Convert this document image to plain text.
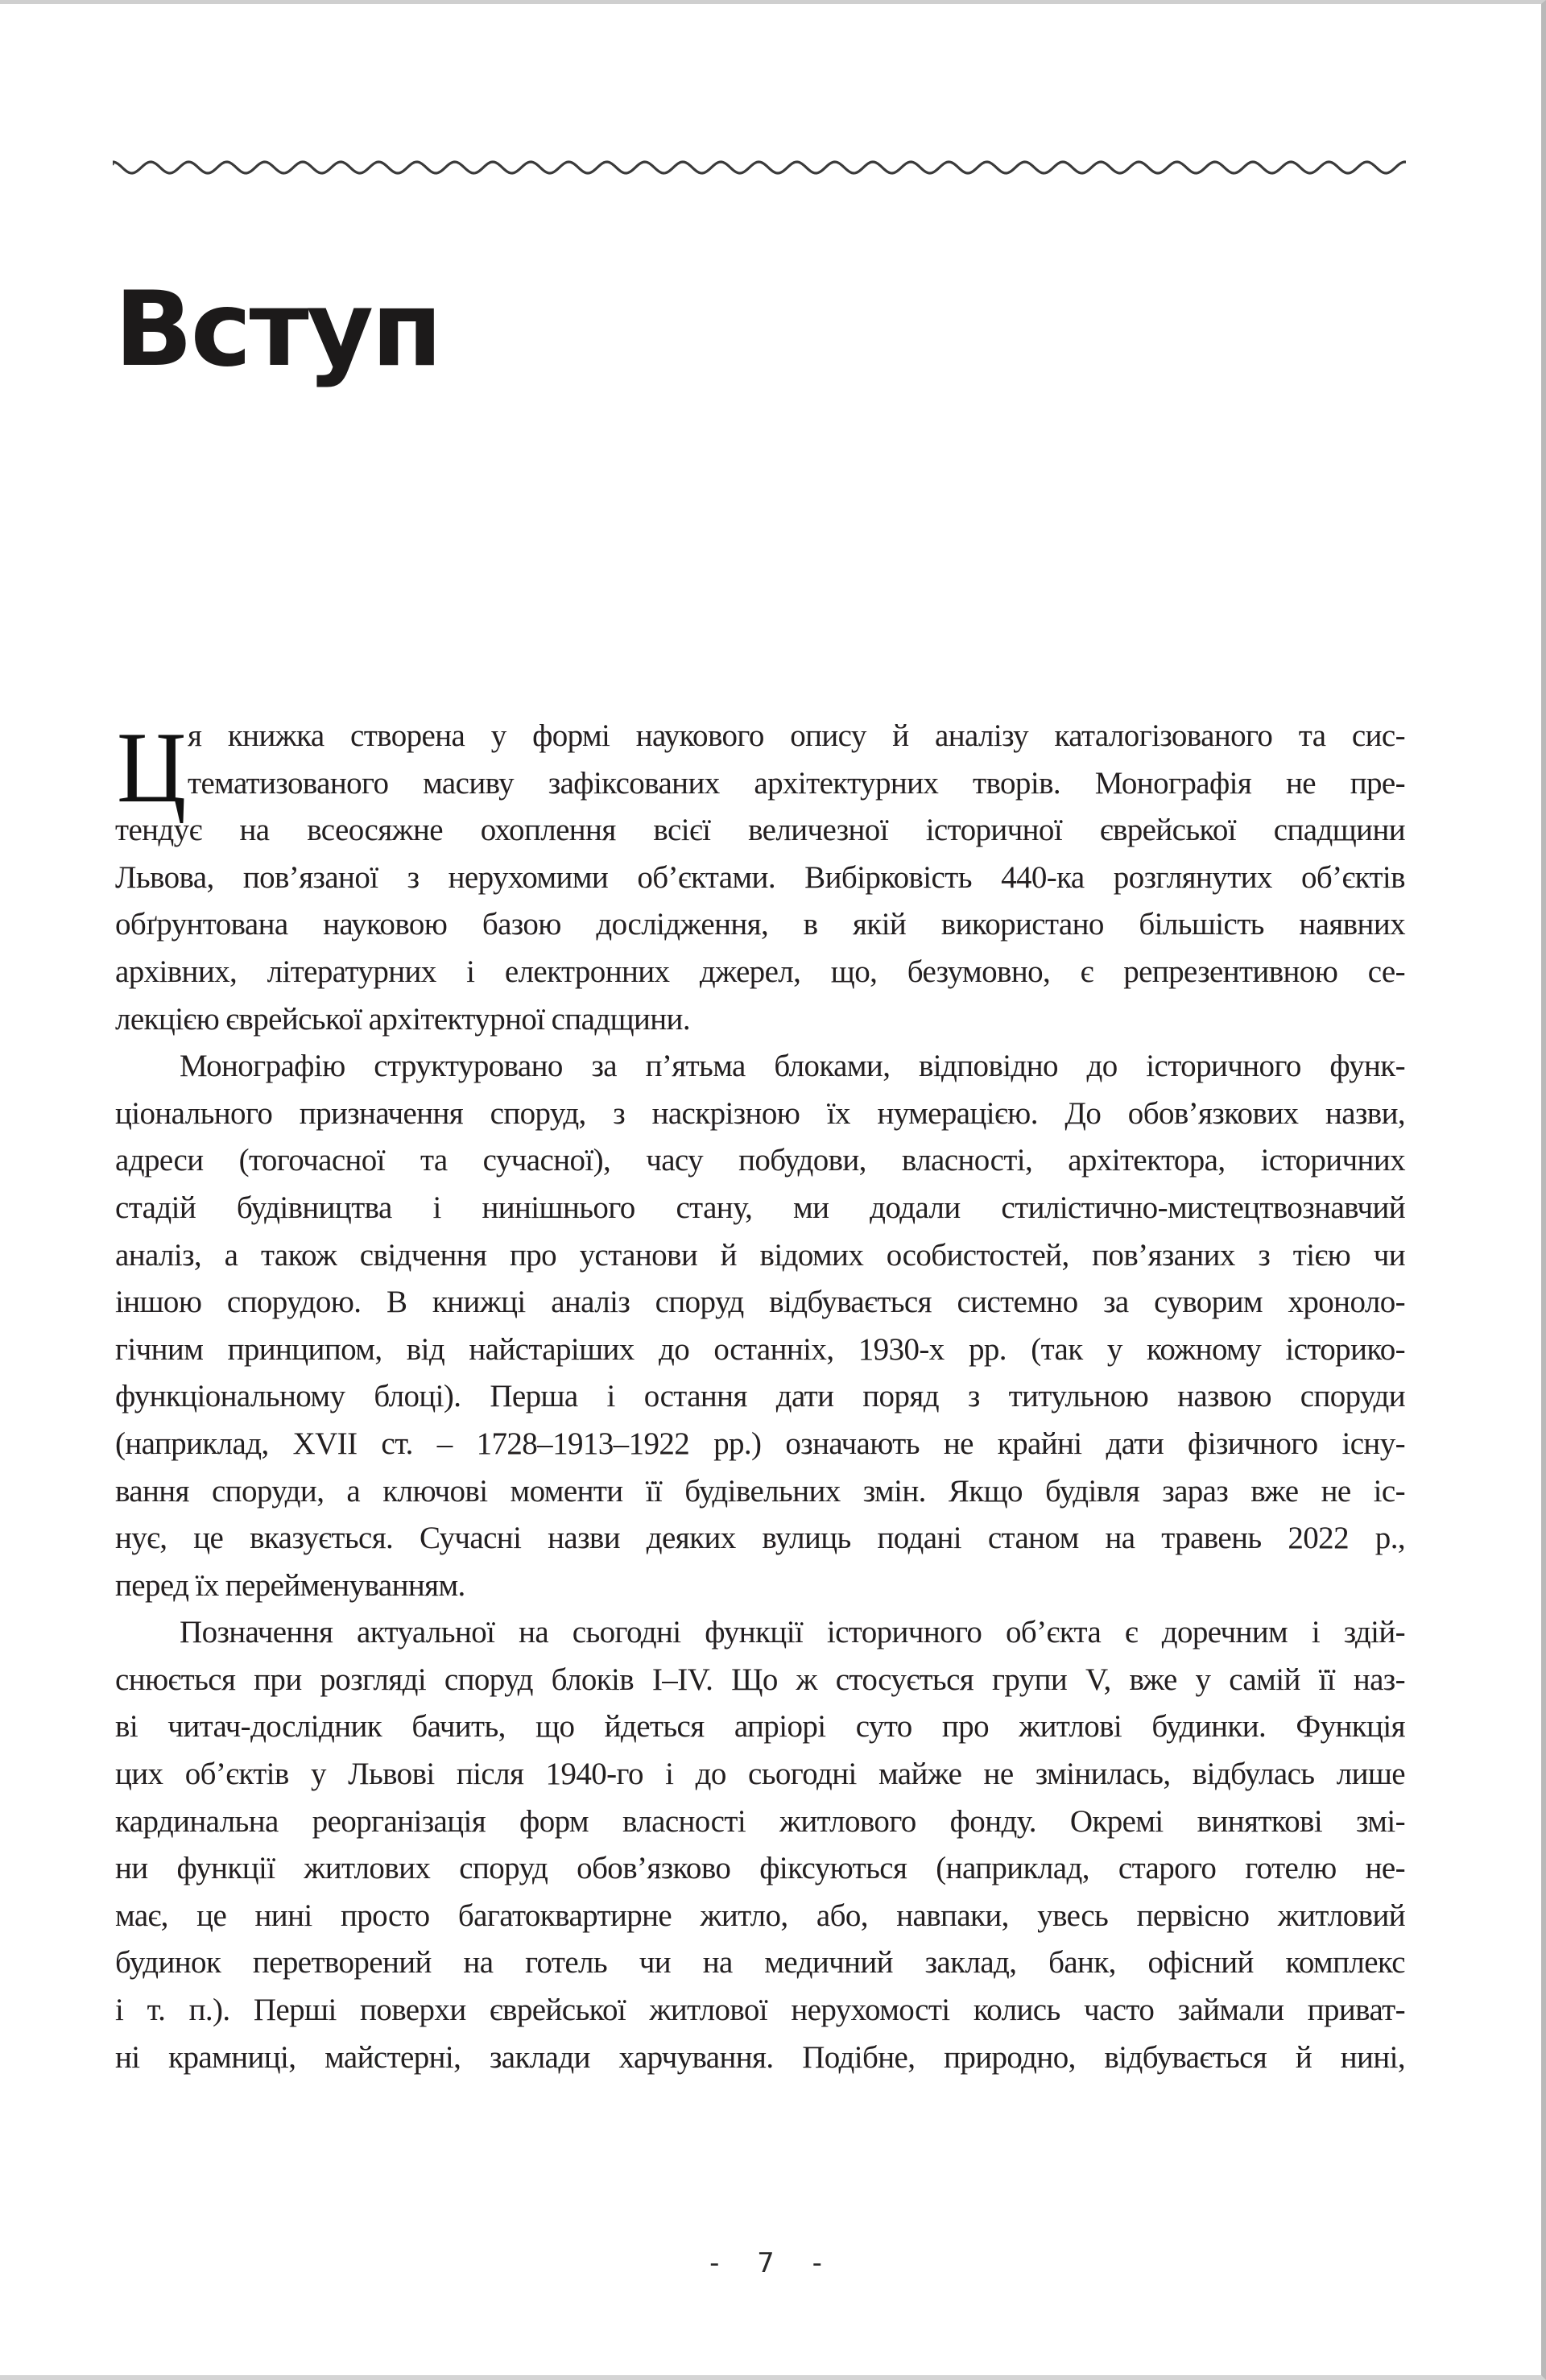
Вступ
Ц я книжка створена у формі наукового опису й аналізу каталогізованого та сис-
тематизованого масиву зафіксованих архітектурних творів. Монографія не пре-
тендує на всеосяжне охоплення всієї величезної історичної єврейської спадщини
Львова, пов’язаної з нерухомими об’єктами. Вибірковість 440-ка розглянутих об’єктів
обґрунтована науковою базою дослідження, в якій використано більшість наявних
архівних, літературних і електронних джерел, що, безумовно, є репрезентивною се-
лекцією єврейської архітектурної спадщини.
Монографію структуровано за п’ятьма блоками, відповідно до історичного функ-
ціонального призначення споруд, з наскрізною їх нумерацією. До обов’язкових назви,
адреси (тогочасної та сучасної), часу побудови, власності, архітектора, історичних
стадій будівництва і нинішнього стану, ми додали стилістично-мистецтвознавчий
аналіз, а також свідчення про установи й відомих особистостей, пов’язаних з тією чи
іншою спорудою. В книжці аналіз споруд відбувається системно за суворим хроноло-
гічним принципом, від найстаріших до останніх, 1930-х рр. (так у кожному історико-
функціональному блоці). Перша і остання дати поряд з титульною назвою споруди
(наприклад, XVII ст. – 1728–1913–1922 рр.) означають не крайні дати фізичного існу-
вання споруди, а ключові моменти її будівельних змін. Якщо будівля зараз вже не іс-
нує, це вказується. Сучасні назви деяких вулиць подані станом на травень 2022 р.,
перед їх перейменуванням.
Позначення актуальної на сьогодні функції історичного об’єкта є доречним і здій-
снюється при розгляді споруд блоків I–IV. Що ж стосується групи V, вже у самій її наз-
ві читач-дослідник бачить, що йдеться апріорі суто про житлові будинки. Функція
цих об’єктів у Львові після 1940-го і до сьогодні майже не змінилась, відбулась лише
кардинальна реорганізація форм власності житлового фонду. Окремі виняткові змі-
ни функції житлових споруд обов’язково фіксуються (наприклад, старого готелю не-
має, це нині просто багатоквартирне житло, або, навпаки, увесь первісно житловий
будинок перетворений на готель чи на медичний заклад, банк, офісний комплекс
і т. п.). Перші поверхи єврейської житлової нерухомості колись часто займали приват-
ні крамниці, майстерні, заклади харчування. Подібне, природно, відбувається й нині,
- 7 -
